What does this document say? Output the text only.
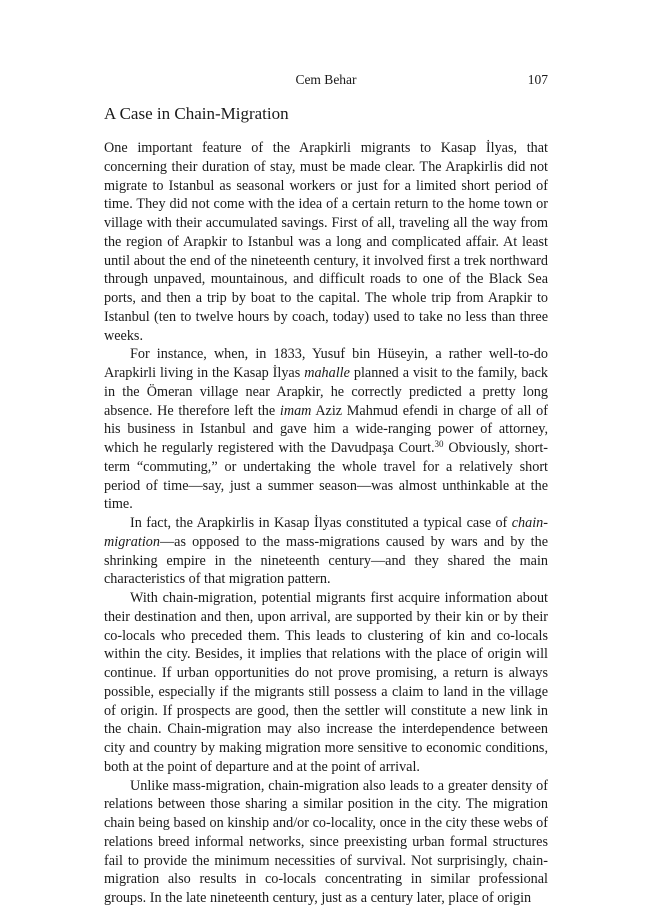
Cem Behar	107
A Case in Chain-Migration

One important feature of the Arapkirli migrants to Kasap İlyas, that concerning their duration of stay, must be made clear. The Arapkirlis did not migrate to Istanbul as seasonal workers or just for a limited short period of time. They did not come with the idea of a certain return to the home town or village with their accumulated savings. First of all, traveling all the way from the region of Arapkir to Istanbul was a long and complicated affair. At least until about the end of the nineteenth century, it involved first a trek northward through unpaved, mountainous, and difficult roads to one of the Black Sea ports, and then a trip by boat to the capital. The whole trip from Arapkir to Istanbul (ten to twelve hours by coach, today) used to take no less than three weeks.

For instance, when, in 1833, Yusuf bin Hüseyin, a rather well-to-do Arapkirli living in the Kasap İlyas mahalle planned a visit to the family, back in the Ömeran village near Arapkir, he correctly predicted a pretty long absence. He therefore left the imam Aziz Mahmud efendi in charge of all of his business in Istanbul and gave him a wide-ranging power of attorney, which he regularly registered with the Davudpaşa Court.$^{30}$ Obviously, short-term “commuting,” or undertaking the whole travel for a relatively short period of time—say, just a summer season—was almost unthinkable at the time.

In fact, the Arapkirlis in Kasap İlyas constituted a typical case of chain-migration—as opposed to the mass-migrations caused by wars and by the shrinking empire in the nineteenth century—and they shared the main characteristics of that migration pattern.

With chain-migration, potential migrants first acquire information about their destination and then, upon arrival, are supported by their kin or by their co-locals who preceded them. This leads to clustering of kin and co-locals within the city. Besides, it implies that relations with the place of origin will continue. If urban opportunities do not prove promising, a return is always possible, especially if the migrants still possess a claim to land in the village of origin. If prospects are good, then the settler will constitute a new link in the chain. Chain-migration may also increase the interdependence between city and country by making migration more sensitive to economic conditions, both at the point of departure and at the point of arrival.

Unlike mass-migration, chain-migration also leads to a greater density of relations between those sharing a similar position in the city. The migration chain being based on kinship and/or co-locality, once in the city these webs of relations breed informal networks, since preexisting urban formal structures fail to provide the minimum necessities of survival. Not surprisingly, chain-migration also results in co-locals concentrating in similar professional groups. In the late nineteenth century, just as a century later, place of origin
